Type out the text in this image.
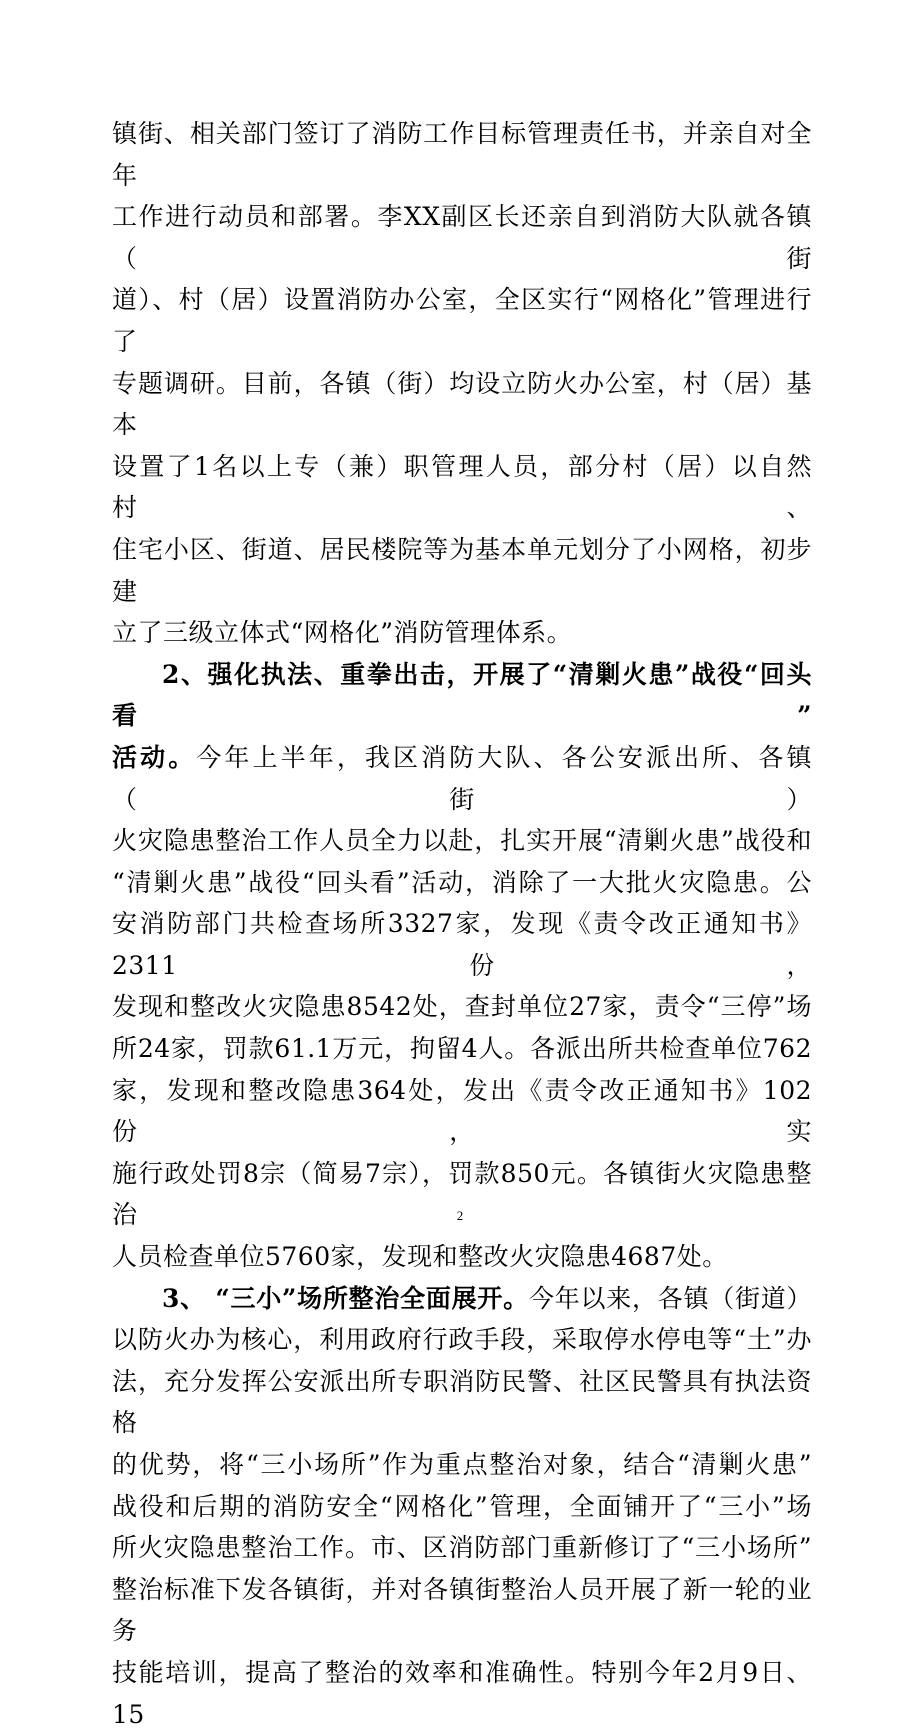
镇街、相关部门签订了消防工作目标管理责任书，并亲自对全年

工作进行动员和部署。李XX副区长还亲自到消防大队就各镇（街

道）、村（居）设置消防办公室，全区实行“网格化”管理进行了

专题调研。目前，各镇（街）均设立防火办公室，村（居）基本

设置了1名以上专（兼）职管理人员，部分村（居）以自然村、

住宅小区、街道、居民楼院等为基本单元划分了小网格，初步建

立了三级立体式“网格化”消防管理体系。

2、强化执法、重拳出击，开展了“清剿火患”战役“回头看”

活动。今年上半年，我区消防大队、各公安派出所、各镇（街）

火灾隐患整治工作人员全力以赴，扎实开展“清剿火患”战役和

“清剿火患”战役“回头看”活动，消除了一大批火灾隐患。公

安消防部门共检查场所3327家，发现《责令改正通知书》2311份，

发现和整改火灾隐患8542处，查封单位27家，责令“三停”场

所24家，罚款61.1万元，拘留4人。各派出所共检查单位762

家，发现和整改隐患364处，发出《责令改正通知书》102份，实

施行政处罚8宗（简易7宗），罚款850元。各镇街火灾隐患整治

人员检查单位5760家，发现和整改火灾隐患4687处。

3、 “三小”场所整治全面展开。今年以来，各镇（街道）

以防火办为核心，利用政府行政手段，采取停水停电等“土”办

法，充分发挥公安派出所专职消防民警、社区民警具有执法资格

的优势，将“三小场所”作为重点整治对象，结合“清剿火患”

战役和后期的消防安全“网格化”管理，全面铺开了“三小”场

所火灾隐患整治工作。市、区消防部门重新修订了“三小场所”

整治标准下发各镇街，并对各镇街整治人员开展了新一轮的业务

技能培训，提高了整治的效率和准确性。特别今年2月9日、15

2
